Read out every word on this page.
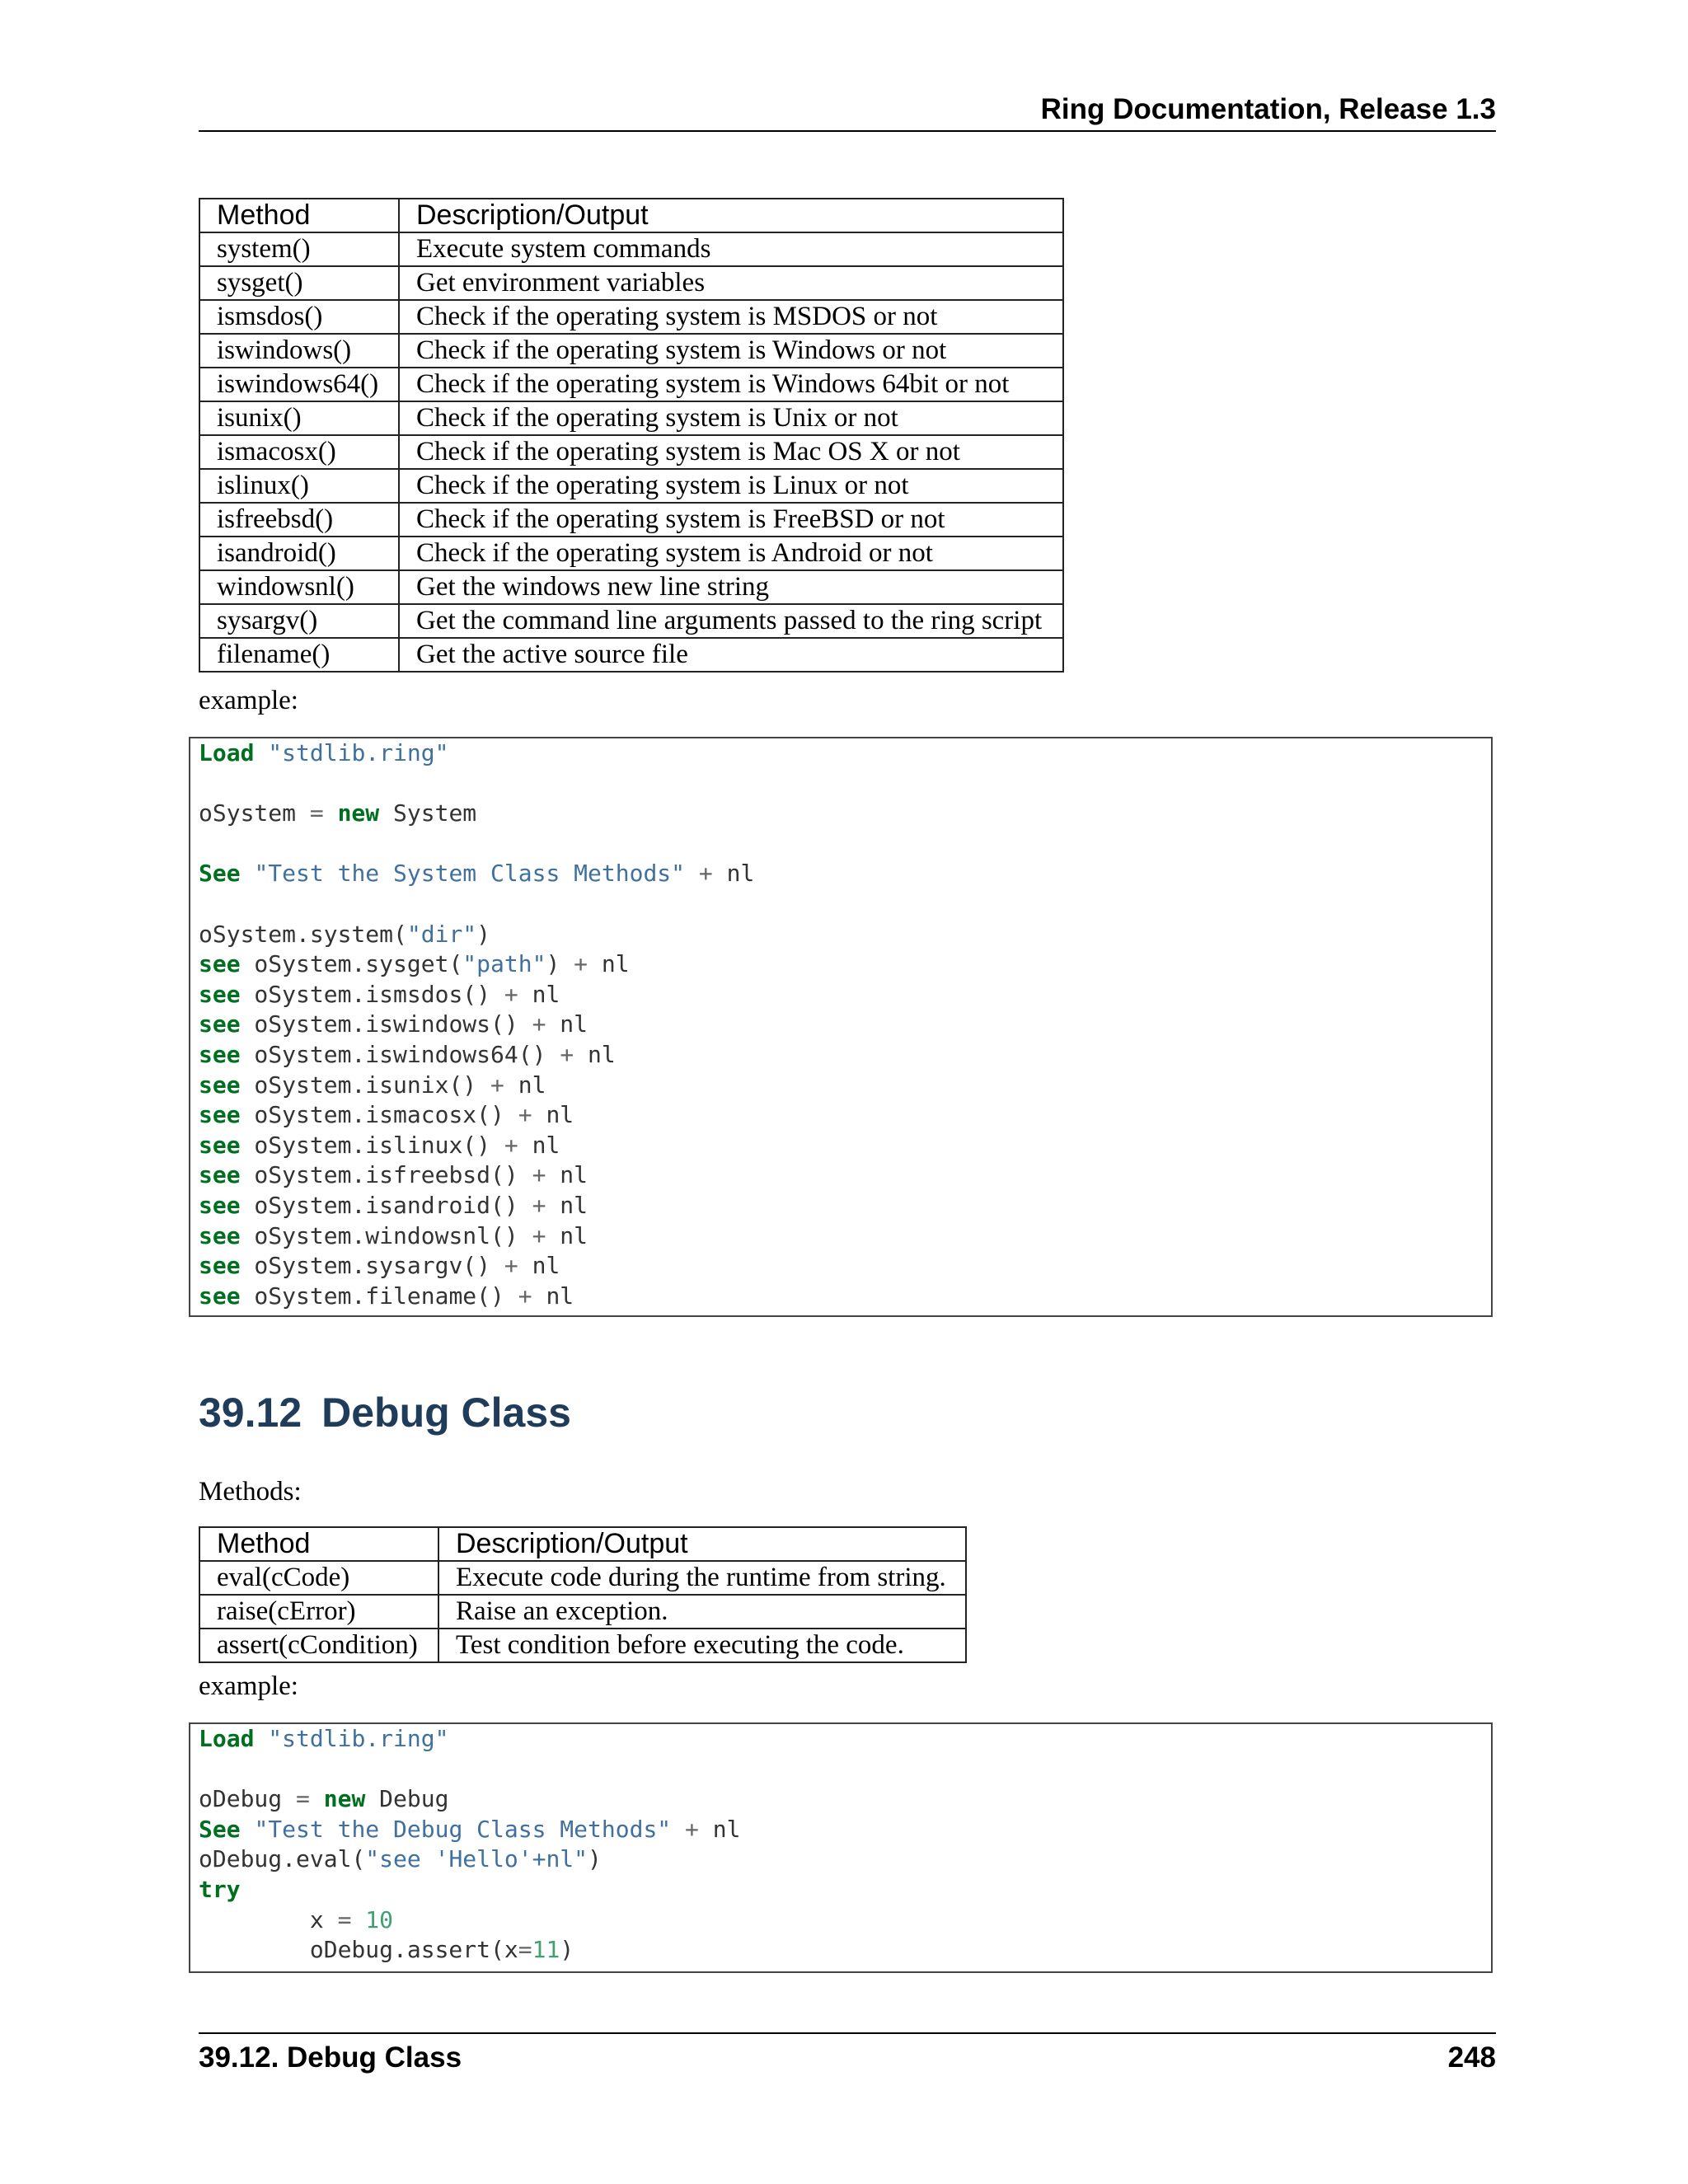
Ring Documentation, Release 1.3
Method	Description/Output
system()	Execute system commands
sysget()	Get environment variables
ismsdos()	Check if the operating system is MSDOS or not
iswindows()	Check if the operating system is Windows or not
iswindows64()	Check if the operating system is Windows 64bit or not
isunix()	Check if the operating system is Unix or not
ismacosx()	Check if the operating system is Mac OS X or not
islinux()	Check if the operating system is Linux or not
isfreebsd()	Check if the operating system is FreeBSD or not
isandroid()	Check if the operating system is Android or not
windowsnl()	Get the windows new line string
sysargv()	Get the command line arguments passed to the ring script
filename()	Get the active source file
example:
Load "stdlib.ring"

oSystem = new System

See "Test the System Class Methods" + nl

oSystem.system("dir")
see oSystem.sysget("path") + nl
see oSystem.ismsdos() + nl
see oSystem.iswindows() + nl
see oSystem.iswindows64() + nl
see oSystem.isunix() + nl
see oSystem.ismacosx() + nl
see oSystem.islinux() + nl
see oSystem.isfreebsd() + nl
see oSystem.isandroid() + nl
see oSystem.windowsnl() + nl
see oSystem.sysargv() + nl
see oSystem.filename() + nl

39.12 Debug Class
Methods:
Method	Description/Output
eval(cCode)	Execute code during the runtime from string.
raise(cError)	Raise an exception.
assert(cCondition)	Test condition before executing the code.
example:
Load "stdlib.ring"

oDebug = new Debug
See "Test the Debug Class Methods" + nl
oDebug.eval("see 'Hello'+nl")
try
x = 10
oDebug.assert(x=11)

39.12. Debug Class	248
